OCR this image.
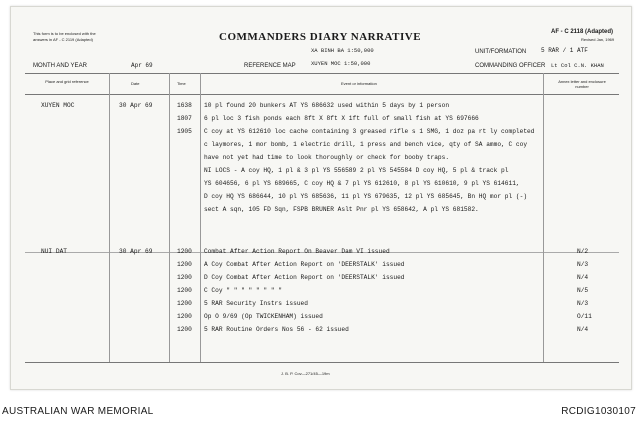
This form is to be enclosed with the
answers in AF - C 2119 (Adapted)	COMMANDERS DIARY NARRATIVE	AF - C 2118 (Adapted)
Revised Jan, 1969
XA BINH BA 1:50,000	UNIT/FORMATION 5 RAR / 1 ATF
MONTH AND YEAR	Apr 69	REFERENCE MAP	XUYEN MOC 1:50,000	COMMANDING OFFICER Lt Col C.N. KHAN
Place and grid reference	Date	Time	Event or information	Annex letter and enclosure number
XUYEN MOC	30 Apr 69	1638 10 pl found 20 bunkers AT YS 686632 used within 5 days by 1 person
1807 6 pl loc 3 fish ponds each 8ft X 8ft X 1ft full of small fish at YS 697666
1905 C coy at YS 612610 loc cache containing 3 greased rifle s 1 SMG, 1 doz pa rt ly completed
c laymores, 1 mor bomb, 1 electric drill, 1 press and bench vice, qty of SA ammo, C coy
have not yet had time to look thoroughly or check for booby traps.
NI LOCS - A coy HQ, 1 pl & 3 pl YS 556589 2 pl YS 545584 D coy HQ, 5 pl & track pl
YS 604656, 6 pl YS 689665, C coy HQ & 7 pl YS 612610, 8 pl YS 610610, 9 pl YS 614611,
D coy HQ YS 686644, 10 pl YS 685636, 11 pl YS 679635, 12 pl YS 685645, Bn HQ mor pl (-)
sect A sqn, 105 FD Sqn, FSPB BRUNER Aslt Pnr pl YS 658642, A pl YS 681582.
NUI DAT	30 Apr 69	1200 Combat After Action Report On Beaver Dam VI issued	N/2
1200 A Coy Combat After Action Report on 'DEERSTALK' issued	N/3
1200 D Coy Combat After Action Report on 'DEERSTALK' issued	N/4
1200 C Coy " " " " " " " "	N/5
1200 5 RAR Security Instrs issued	N/3
1200 Op O 9/69 (Op TWICKENHAM) issued	O/11
1200 5 RAR Routine Orders Nos 56 - 62 issued	N/4
J. B. P. Cov—271/45—19m
AUSTRALIAN WAR MEMORIAL	RCDIG1030107
